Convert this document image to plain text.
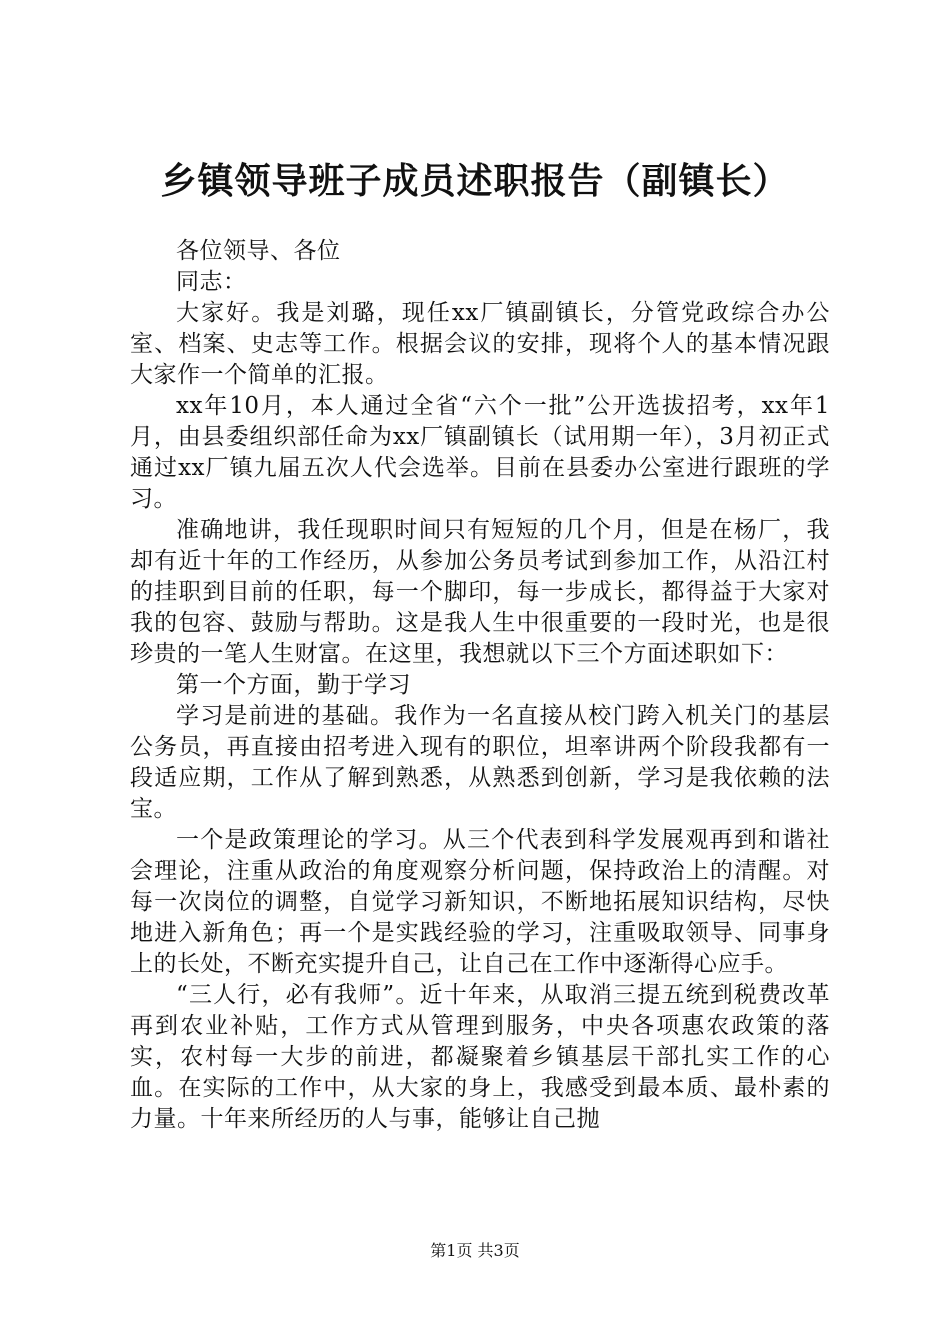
乡镇领导班子成员述职报告（副镇长）

各位领导、各位

同志：

大家好。我是刘璐，现任xx厂镇副镇长，分管党政综合办公室、档案、史志等工作。根据会议的安排，现将个人的基本情况跟大家作一个简单的汇报。

xx年10月，本人通过全省“六个一批”公开选拔招考，xx年1月，由县委组织部任命为xx厂镇副镇长（试用期一年），3月初正式通过xx厂镇九届五次人代会选举。目前在县委办公室进行跟班的学习。

准确地讲，我任现职时间只有短短的几个月，但是在杨厂，我却有近十年的工作经历，从参加公务员考试到参加工作，从沿江村的挂职到目前的任职，每一个脚印，每一步成长，都得益于大家对我的包容、鼓励与帮助。这是我人生中很重要的一段时光，也是很珍贵的一笔人生财富。在这里，我想就以下三个方面述职如下：

第一个方面，勤于学习

学习是前进的基础。我作为一名直接从校门跨入机关门的基层公务员，再直接由招考进入现有的职位，坦率讲两个阶段我都有一段适应期，工作从了解到熟悉，从熟悉到创新，学习是我依赖的法宝。

一个是政策理论的学习。从三个代表到科学发展观再到和谐社会理论，注重从政治的角度观察分析问题，保持政治上的清醒。对每一次岗位的调整，自觉学习新知识，不断地拓展知识结构，尽快地进入新角色；再一个是实践经验的学习，注重吸取领导、同事身上的长处，不断充实提升自己，让自己在工作中逐渐得心应手。

“三人行，必有我师”。近十年来，从取消三提五统到税费改革再到农业补贴，工作方式从管理到服务，中央各项惠农政策的落实，农村每一大步的前进，都凝聚着乡镇基层干部扎实工作的心血。在实际的工作中，从大家的身上，我感受到最本质、最朴素的力量。十年来所经历的人与事，能够让自己抛

第1页 共3页
